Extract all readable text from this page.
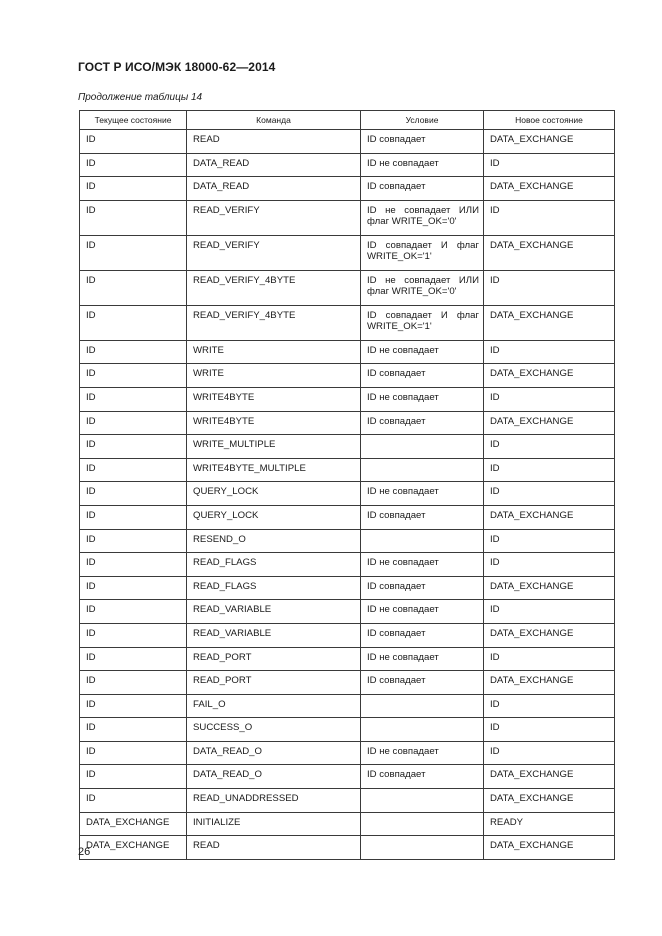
ГОСТ Р ИСО/МЭК 18000-62—2014
Продолжение таблицы 14
Текущее состояние	Команда	Условие	Новое состояние
ID	READ	ID совпадает	DATA_EXCHANGE
ID	DATA_READ	ID не совпадает	ID
ID	DATA_READ	ID совпадает	DATA_EXCHANGE
ID	READ_VERIFY	ID не совпадает ИЛИ флаг WRITE_OK='0'	ID
ID	READ_VERIFY	ID совпадает И флаг WRITE_OK='1'	DATA_EXCHANGE
ID	READ_VERIFY_4BYTE	ID не совпадает ИЛИ флаг WRITE_OK='0'	ID
ID	READ_VERIFY_4BYTE	ID совпадает И флаг WRITE_OK='1'	DATA_EXCHANGE
ID	WRITE	ID не совпадает	ID
ID	WRITE	ID совпадает	DATA_EXCHANGE
ID	WRITE4BYTE	ID не совпадает	ID
ID	WRITE4BYTE	ID совпадает	DATA_EXCHANGE
ID	WRITE_MULTIPLE		ID
ID	WRITE4BYTE_MULTIPLE		ID
ID	QUERY_LOCK	ID не совпадает	ID
ID	QUERY_LOCK	ID совпадает	DATA_EXCHANGE
ID	RESEND_O		ID
ID	READ_FLAGS	ID не совпадает	ID
ID	READ_FLAGS	ID совпадает	DATA_EXCHANGE
ID	READ_VARIABLE	ID не совпадает	ID
ID	READ_VARIABLE	ID совпадает	DATA_EXCHANGE
ID	READ_PORT	ID не совпадает	ID
ID	READ_PORT	ID совпадает	DATA_EXCHANGE
ID	FAIL_O		ID
ID	SUCCESS_O		ID
ID	DATA_READ_O	ID не совпадает	ID
ID	DATA_READ_O	ID совпадает	DATA_EXCHANGE
ID	READ_UNADDRESSED		DATA_EXCHANGE
DATA_EXCHANGE	INITIALIZE		READY
DATA_EXCHANGE	READ		DATA_EXCHANGE
26
